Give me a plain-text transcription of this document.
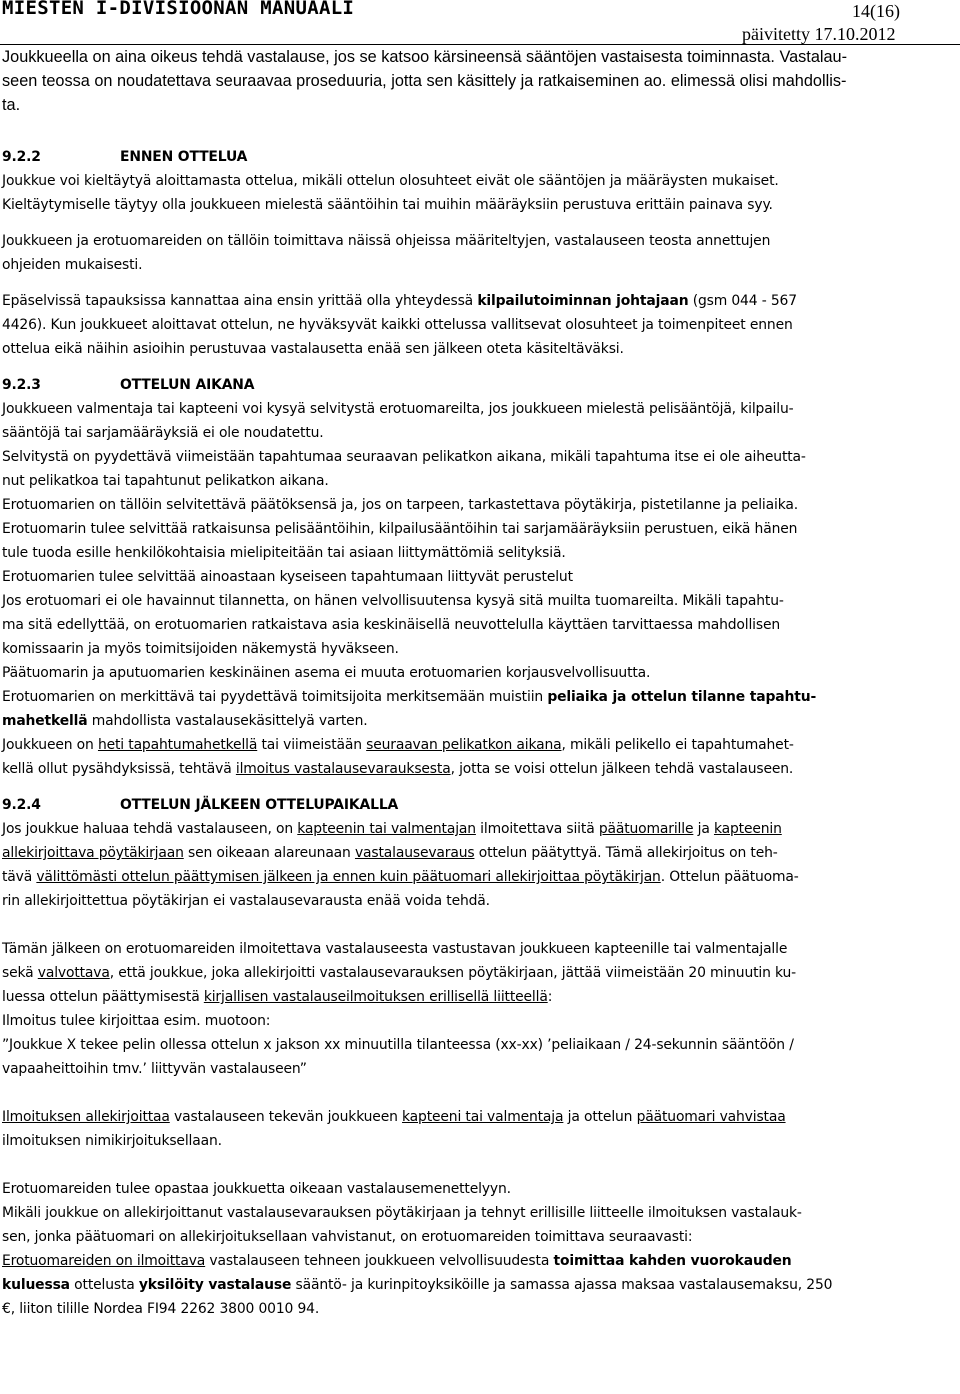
MIESTEN I-DIVISIOONAN MANUAALI	14(16)
päivitetty 17.10.2012

Joukkueella on aina oikeus tehdä vastalause, jos se katsoo kärsineensä sääntöjen vastaisesta toiminnasta. Vastalau-

seen teossa on noudatettava seuraavaa proseduuria, jotta sen käsittely ja ratkaiseminen ao. elimessä olisi mahdollis-

ta.

9.2.2	ENNEN OTTELUA

Joukkue voi kieltäytyä aloittamasta ottelua, mikäli ottelun olosuhteet eivät ole sääntöjen ja määräysten mukaiset.

Kieltäytymiselle täytyy olla joukkueen mielestä sääntöihin tai muihin määräyksiin perustuva erittäin painava syy.

Joukkueen ja erotuomareiden on tällöin toimittava näissä ohjeissa määriteltyjen, vastalauseen teosta annettujen

ohjeiden mukaisesti.

Epäselvissä tapauksissa kannattaa aina ensin yrittää olla yhteydessä kilpailutoiminnan johtajaan (gsm 044 - 567

4426). Kun joukkueet aloittavat ottelun, ne hyväksyvät kaikki ottelussa vallitsevat olosuhteet ja toimenpiteet ennen

ottelua eikä näihin asioihin perustuvaa vastalausetta enää sen jälkeen oteta käsiteltäväksi.

9.2.3	OTTELUN AIKANA

Joukkueen valmentaja tai kapteeni voi kysyä selvitystä erotuomareilta, jos joukkueen mielestä pelisääntöjä, kilpailu-

sääntöjä tai sarjamääräyksiä ei ole noudatettu.

Selvitystä on pyydettävä viimeistään tapahtumaa seuraavan pelikatkon aikana, mikäli tapahtuma itse ei ole aiheutta-

nut pelikatkoa tai tapahtunut pelikatkon aikana.

Erotuomarien on tällöin selvitettävä päätöksensä ja, jos on tarpeen, tarkastettava pöytäkirja, pistetilanne ja peliaika.

Erotuomarin tulee selvittää ratkaisunsa pelisääntöihin, kilpailusääntöihin tai sarjamääräyksiin perustuen, eikä hänen

tule tuoda esille henkilökohtaisia mielipiteitään tai asiaan liittymättömiä selityksiä.

Erotuomarien tulee selvittää ainoastaan kyseiseen tapahtumaan liittyvät perustelut

Jos erotuomari ei ole havainnut tilannetta, on hänen velvollisuutensa kysyä sitä muilta tuomareilta. Mikäli tapahtu-

ma sitä edellyttää, on erotuomarien ratkaistava asia keskinäisellä neuvottelulla käyttäen tarvittaessa mahdollisen

komissaarin ja myös toimitsijoiden näkemystä hyväkseen.

Päätuomarin ja aputuomarien keskinäinen asema ei muuta erotuomarien korjausvelvollisuutta.

Erotuomarien on merkittävä tai pyydettävä toimitsijoita merkitsemään muistiin peliaika ja ottelun tilanne tapahtu-

mahetkellä mahdollista vastalausekäsittelyä varten.

Joukkueen on heti tapahtumahetkellä tai viimeistään seuraavan pelikatkon aikana, mikäli pelikello ei tapahtumahet-

kellä ollut pysähdyksissä, tehtävä ilmoitus vastalausevarauksesta, jotta se voisi ottelun jälkeen tehdä vastalauseen.

9.2.4	OTTELUN JÄLKEEN OTTELUPAIKALLA

Jos joukkue haluaa tehdä vastalauseen, on kapteenin tai valmentajan ilmoitettava siitä päätuomarille ja kapteenin

allekirjoittava pöytäkirjaan sen oikeaan alareunaan vastalausevaraus ottelun päätyttyä. Tämä allekirjoitus on teh-

tävä välittömästi ottelun päättymisen jälkeen ja ennen kuin päätuomari allekirjoittaa pöytäkirjan. Ottelun päätuoma-

rin allekirjoittettua pöytäkirjan ei vastalausevarausta enää voida tehdä.

Tämän jälkeen on erotuomareiden ilmoitettava vastalauseesta vastustavan joukkueen kapteenille tai valmentajalle

sekä valvottava, että joukkue, joka allekirjoitti vastalausevarauksen pöytäkirjaan, jättää viimeistään 20 minuutin ku-

luessa ottelun päättymisestä kirjallisen vastalauseilmoituksen erillisellä liitteellä:

Ilmoitus tulee kirjoittaa esim. muotoon:

”Joukkue X tekee pelin ollessa ottelun x jakson xx minuutilla tilanteessa (xx-xx) ’peliaikaan / 24-sekunnin sääntöön /

vapaaheittoihin tmv.’ liittyvän vastalauseen”

Ilmoituksen allekirjoittaa vastalauseen tekevän joukkueen kapteeni tai valmentaja ja ottelun päätuomari vahvistaa

ilmoituksen nimikirjoituksellaan.

Erotuomareiden tulee opastaa joukkuetta oikeaan vastalausemenettelyyn.

Mikäli joukkue on allekirjoittanut vastalausevarauksen pöytäkirjaan ja tehnyt erillisille liitteelle ilmoituksen vastalauk-

sen, jonka päätuomari on allekirjoituksellaan vahvistanut, on erotuomareiden toimittava seuraavasti:

Erotuomareiden on ilmoittava vastalauseen tehneen joukkueen velvollisuudesta toimittaa kahden vuorokauden

kuluessa ottelusta yksilöity vastalause sääntö- ja kurinpitoyksiköille ja samassa ajassa maksaa vastalausemaksu, 250

€, liiton tilille Nordea FI94 2262 3800 0010 94.
